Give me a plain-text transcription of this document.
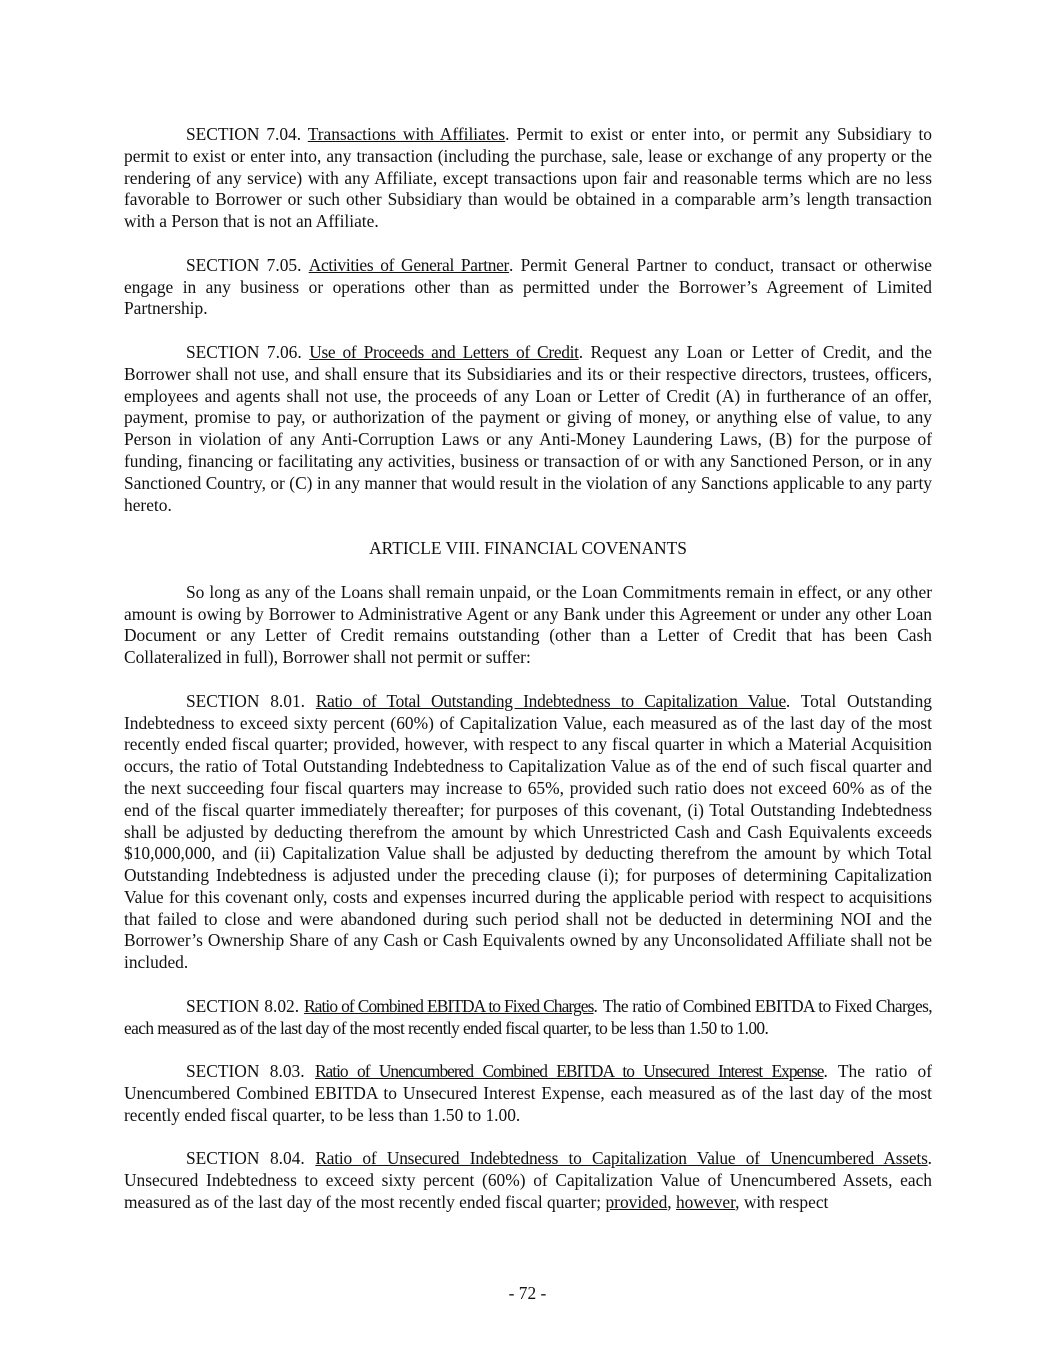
SECTION 7.04. Transactions with Affiliates. Permit to exist or enter into, or permit any Subsidiary to permit to exist or enter into, any transaction (including the purchase, sale, lease or exchange of any property or the rendering of any service) with any Affiliate, except transactions upon fair and reasonable terms which are no less favorable to Borrower or such other Subsidiary than would be obtained in a comparable arm’s length transaction with a Person that is not an Affiliate.

SECTION 7.05. Activities of General Partner. Permit General Partner to conduct, transact or otherwise engage in any business or operations other than as permitted under the Borrower’s Agreement of Limited Partnership.

SECTION 7.06. Use of Proceeds and Letters of Credit. Request any Loan or Letter of Credit, and the Borrower shall not use, and shall ensure that its Subsidiaries and its or their respective directors, trustees, officers, employees and agents shall not use, the proceeds of any Loan or Letter of Credit (A) in furtherance of an offer, payment, promise to pay, or authorization of the payment or giving of money, or anything else of value, to any Person in violation of any Anti-Corruption Laws or any Anti-Money Laundering Laws, (B) for the purpose of funding, financing or facilitating any activities, business or transaction of or with any Sanctioned Person, or in any Sanctioned Country, or (C) in any manner that would result in the violation of any Sanctions applicable to any party hereto.

ARTICLE VIII. FINANCIAL COVENANTS

So long as any of the Loans shall remain unpaid, or the Loan Commitments remain in effect, or any other amount is owing by Borrower to Administrative Agent or any Bank under this Agreement or under any other Loan Document or any Letter of Credit remains outstanding (other than a Letter of Credit that has been Cash Collateralized in full), Borrower shall not permit or suffer:

SECTION 8.01. Ratio of Total Outstanding Indebtedness to Capitalization Value. Total Outstanding Indebtedness to exceed sixty percent (60%) of Capitalization Value, each measured as of the last day of the most recently ended fiscal quarter; provided, however, with respect to any fiscal quarter in which a Material Acquisition occurs, the ratio of Total Outstanding Indebtedness to Capitalization Value as of the end of such fiscal quarter and the next succeeding four fiscal quarters may increase to 65%, provided such ratio does not exceed 60% as of the end of the fiscal quarter immediately thereafter; for purposes of this covenant, (i) Total Outstanding Indebtedness shall be adjusted by deducting therefrom the amount by which Unrestricted Cash and Cash Equivalents exceeds $10,000,000, and (ii) Capitalization Value shall be adjusted by deducting therefrom the amount by which Total Outstanding Indebtedness is adjusted under the preceding clause (i); for purposes of determining Capitalization Value for this covenant only, costs and expenses incurred during the applicable period with respect to acquisitions that failed to close and were abandoned during such period shall not be deducted in determining NOI and the Borrower’s Ownership Share of any Cash or Cash Equivalents owned by any Unconsolidated Affiliate shall not be included.

SECTION 8.02. Ratio of Combined EBITDA to Fixed Charges. The ratio of Combined EBITDA to Fixed Charges, each measured as of the last day of the most recently ended fiscal quarter, to be less than 1.50 to 1.00.

SECTION 8.03. Ratio of Unencumbered Combined EBITDA to Unsecured Interest Expense. The ratio of Unencumbered Combined EBITDA to Unsecured Interest Expense, each measured as of the last day of the most recently ended fiscal quarter, to be less than 1.50 to 1.00.

SECTION 8.04. Ratio of Unsecured Indebtedness to Capitalization Value of Unencumbered Assets. Unsecured Indebtedness to exceed sixty percent (60%) of Capitalization Value of Unencumbered Assets, each measured as of the last day of the most recently ended fiscal quarter; provided, however, with respect

- 72 -
